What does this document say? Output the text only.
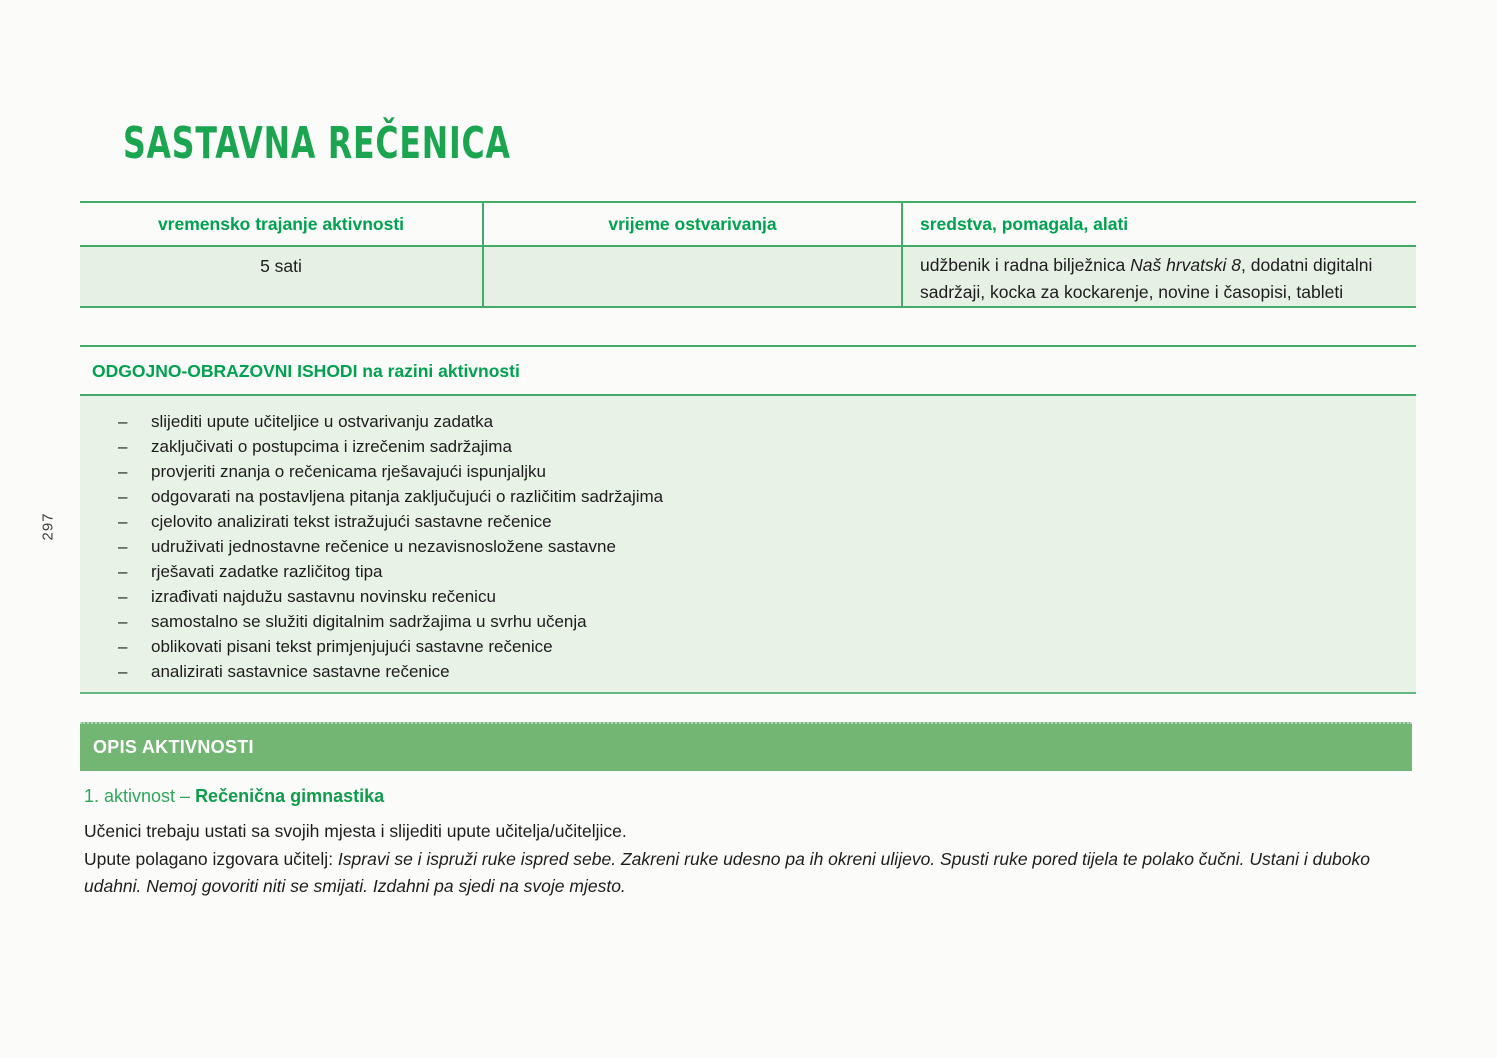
297
SASTAVNA REČENICA
vremensko trajanje aktivnosti	vrijeme ostvarivanja	sredstva, pomagala, alati
5 sati		udžbenik i radna bilježnica Naš hrvatski 8, dodatni digitalni sadržaji, kocka za kockarenje, novine i časopisi, tableti
ODGOJNO-OBRAZOVNI ISHODI na razini aktivnosti
–	slijediti upute učiteljice u ostvarivanju zadatka
–	zaključivati o postupcima i izrečenim sadržajima
–	provjeriti znanja o rečenicama rješavajući ispunjaljku
–	odgovarati na postavljena pitanja zaključujući o različitim sadržajima
–	cjelovito analizirati tekst istražujući sastavne rečenice
–	udruživati jednostavne rečenice u nezavisnosložene sastavne
–	rješavati zadatke različitog tipa
–	izrađivati najdužu sastavnu novinsku rečenicu
–	samostalno se služiti digitalnim sadržajima u svrhu učenja
–	oblikovati pisani tekst primjenjujući sastavne rečenice
–	analizirati sastavnice sastavne rečenice
OPIS AKTIVNOSTI
1. aktivnost – Rečenična gimnastika

Učenici trebaju ustati sa svojih mjesta i slijediti upute učitelja/učiteljice.

Upute polagano izgovara učitelj: Ispravi se i ispruži ruke ispred sebe. Zakreni ruke udesno pa ih okreni ulijevo. Spusti ruke pored tijela te polako čučni. Ustani i duboko udahni. Nemoj govoriti niti se smijati. Izdahni pa sjedi na svoje mjesto.
